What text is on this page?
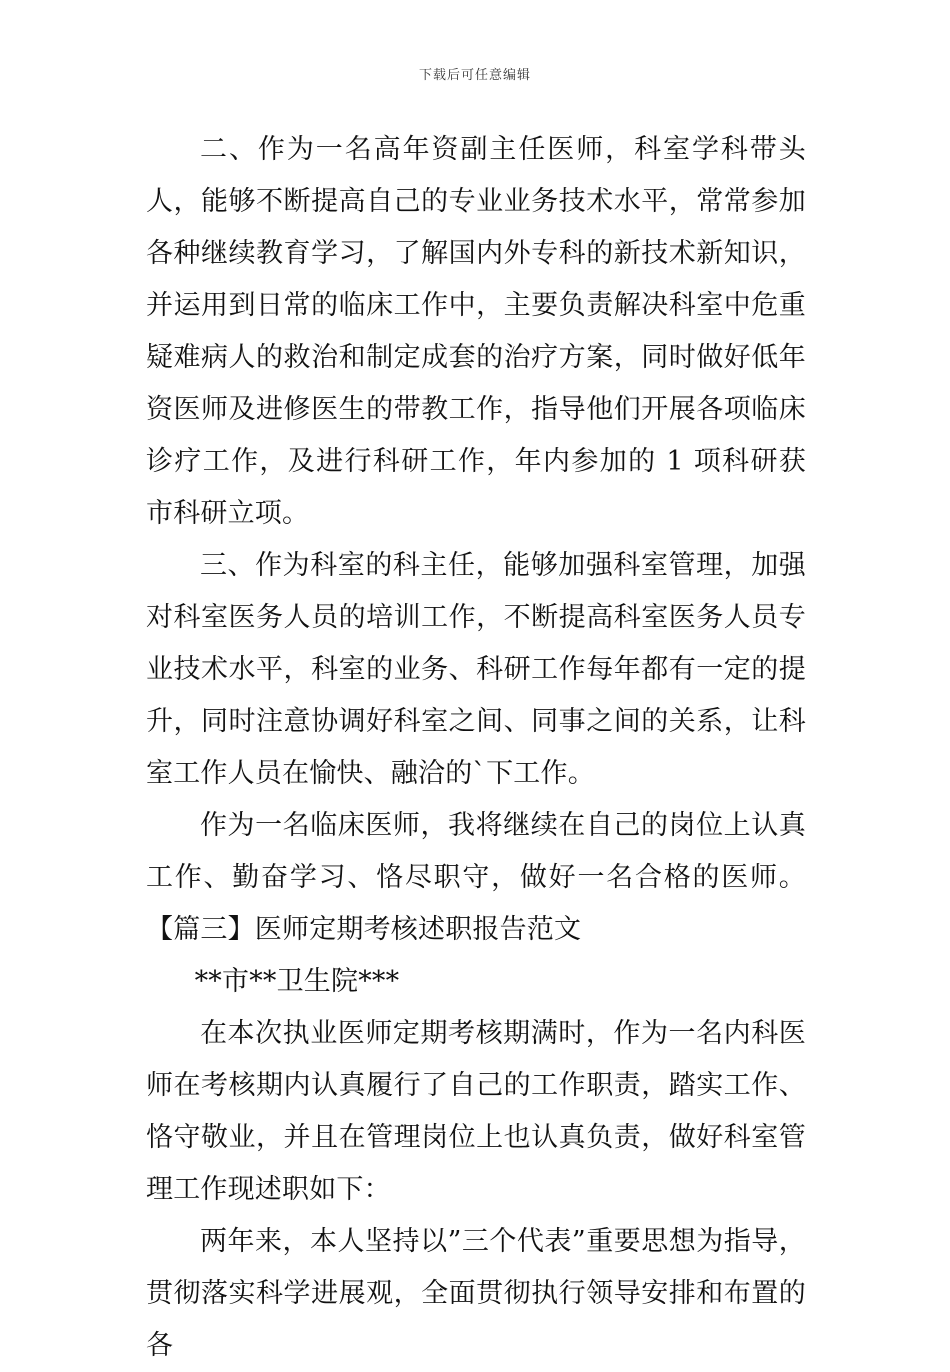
下载后可任意编辑

二、作为一名高年资副主任医师，科室学科带头人，能够不断提高自己的专业业务技术水平，常常参加各种继续教育学习，了解国内外专科的新技术新知识，并运用到日常的临床工作中，主要负责解决科室中危重疑难病人的救治和制定成套的治疗方案，同时做好低年资医师及进修医生的带教工作，指导他们开展各项临床诊疗工作，及进行科研工作，年内参加的 1 项科研获市科研立项。

三、作为科室的科主任，能够加强科室管理，加强对科室医务人员的培训工作，不断提高科室医务人员专业技术水平，科室的业务、科研工作每年都有一定的提升，同时注意协调好科室之间、同事之间的关系，让科室工作人员在愉快、融洽的`下工作。

作为一名临床医师，我将继续在自己的岗位上认真工作、勤奋学习、恪尽职守，做好一名合格的医师。【篇三】医师定期考核述职报告范文

**市**卫生院***

在本次执业医师定期考核期满时，作为一名内科医师在考核期内认真履行了自己的工作职责，踏实工作、恪守敬业，并且在管理岗位上也认真负责，做好科室管理工作现述职如下：

两年来，本人坚持以”三个代表”重要思想为指导，贯彻落实科学进展观，全面贯彻执行领导安排和布置的各
